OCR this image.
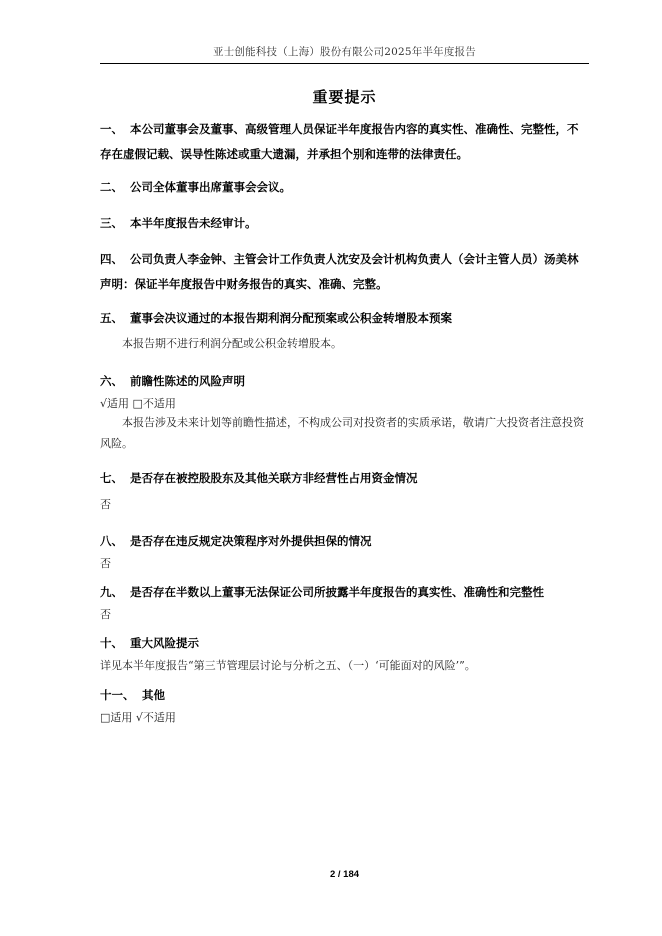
亚士创能科技（上海）股份有限公司2025年半年度报告
重要提示
一、 本公司董事会及董事、高级管理人员保证半年度报告内容的真实性、准确性、完整性，不存在虚假记载、误导性陈述或重大遗漏，并承担个别和连带的法律责任。
二、 公司全体董事出席董事会会议。
三、 本半年度报告未经审计。
四、 公司负责人李金钟、主管会计工作负责人沈安及会计机构负责人（会计主管人员）汤美林声明：保证半年度报告中财务报告的真实、准确、完整。
五、 董事会决议通过的本报告期利润分配预案或公积金转增股本预案
本报告期不进行利润分配或公积金转增股本。
六、 前瞻性陈述的风险声明
√适用 □不适用
本报告涉及未来计划等前瞻性描述，不构成公司对投资者的实质承诺，敬请广大投资者注意投资风险。
七、 是否存在被控股股东及其他关联方非经营性占用资金情况
否
八、 是否存在违反规定决策程序对外提供担保的情况
否
九、 是否存在半数以上董事无法保证公司所披露半年度报告的真实性、准确性和完整性
否
十、 重大风险提示
详见本半年度报告“第三节管理层讨论与分析之五、（一）‘可能面对的风险’”。
十一、 其他
□适用 √不适用
2 / 184
